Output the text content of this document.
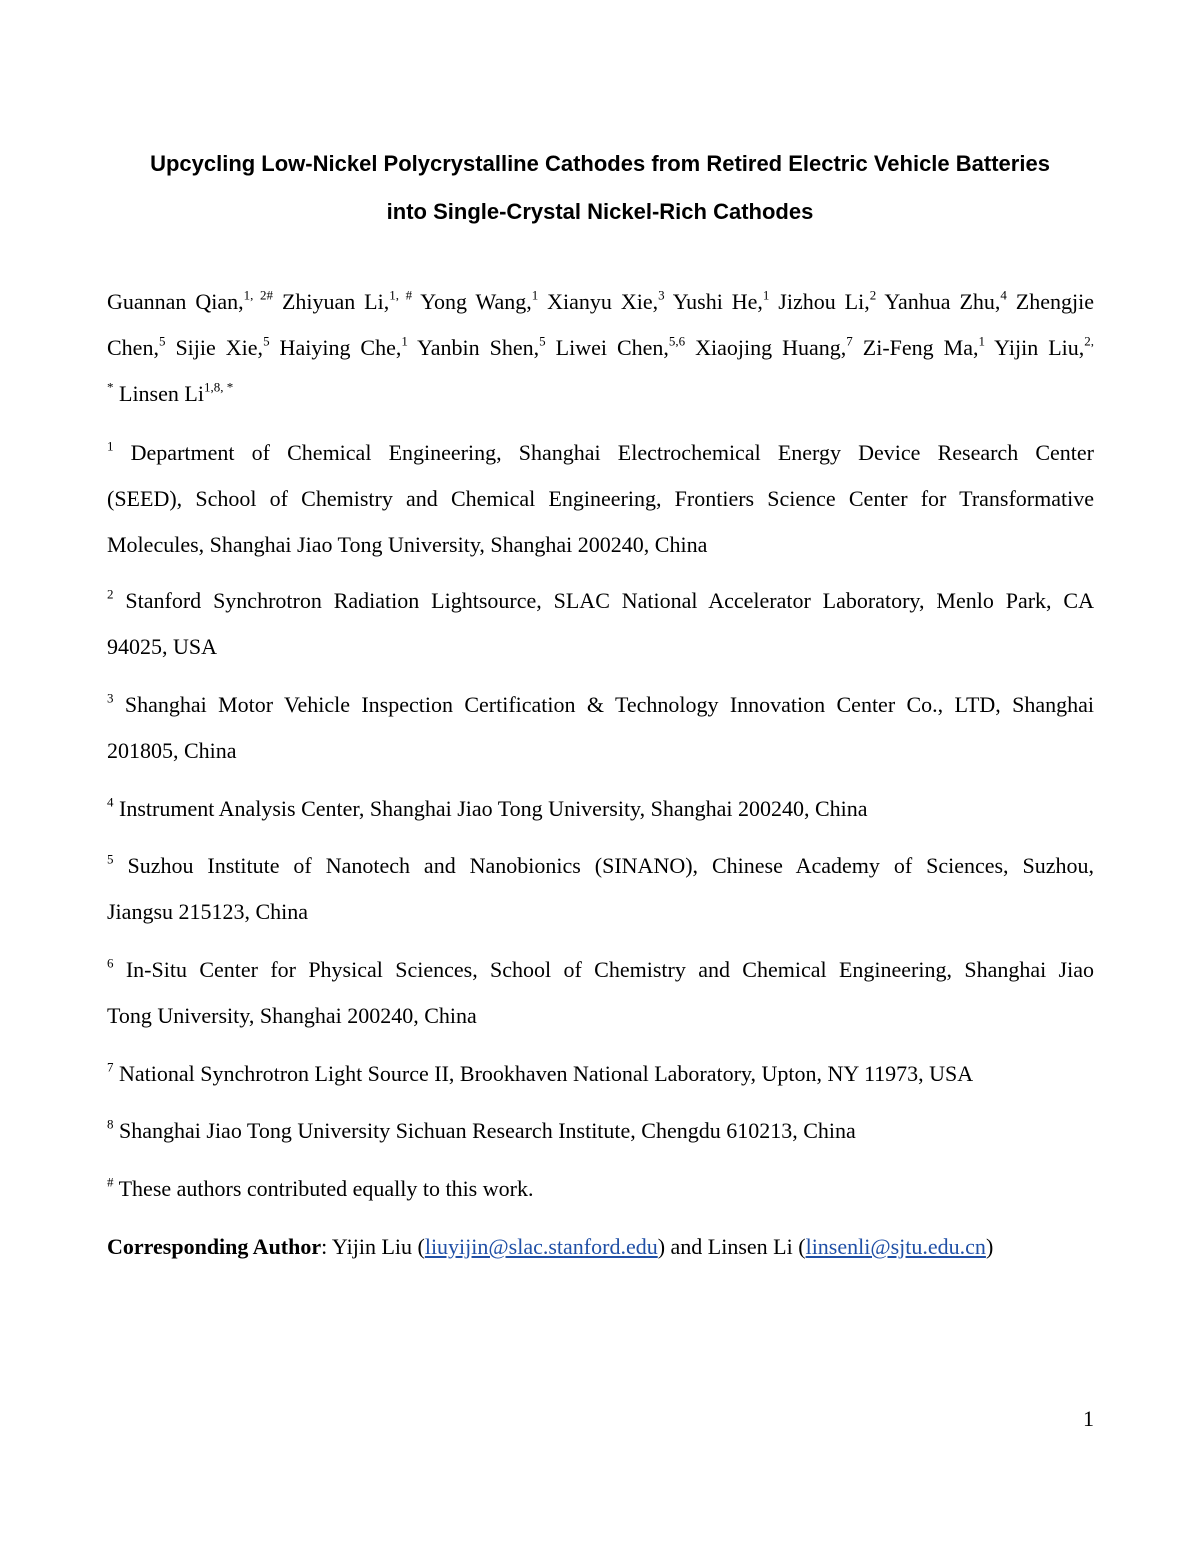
Upcycling Low-Nickel Polycrystalline Cathodes from Retired Electric Vehicle Batteries
into Single-Crystal Nickel-Rich Cathodes
Guannan Qian,$^{1, 2\#}$ Zhiyuan Li,$^{1, \#}$ Yong Wang,$^1$ Xianyu Xie,$^3$ Yushi He,$^1$ Jizhou Li,$^2$ Yanhua Zhu,$^4$ Zhengjie
Chen,$^5$ Sijie Xie,$^5$ Haiying Che,$^1$ Yanbin Shen,$^5$ Liwei Chen,$^{5,6}$ Xiaojing Huang,$^7$ Zi-Feng Ma,$^1$ Yijin Liu,$^{2,}$
* Linsen $Li^{1,8, *}$
$^1$ Department of Chemical Engineering, Shanghai Electrochemical Energy Device Research Center
(SEED), School of Chemistry and Chemical Engineering, Frontiers Science Center for Transformative
Molecules, Shanghai Jiao Tong University, Shanghai 200240, China
$^2$ Stanford Synchrotron Radiation Lightsource, SLAC National Accelerator Laboratory, Menlo Park, CA
94025, USA
$^3$ Shanghai Motor Vehicle Inspection Certification & Technology Innovation Center Co., LTD, Shanghai
201805, China
$^4$ Instrument Analysis Center, Shanghai Jiao Tong University, Shanghai 200240, China
$^5$ Suzhou Institute of Nanotech and Nanobionics (SINANO), Chinese Academy of Sciences, Suzhou,
Jiangsu 215123, China
$^6$ In-Situ Center for Physical Sciences, School of Chemistry and Chemical Engineering, Shanghai Jiao
Tong University, Shanghai 200240, China
$^7$ National Synchrotron Light Source II, Brookhaven National Laboratory, Upton, NY 11973, USA
$^8$ Shanghai Jiao Tong University Sichuan Research Institute, Chengdu 610213, China
# These authors contributed equally to this work.
Corresponding Author: Yijin Liu (liuyijin@slac.stanford.edu) and Linsen Li (linsenli@sjtu.edu.cn)
1
